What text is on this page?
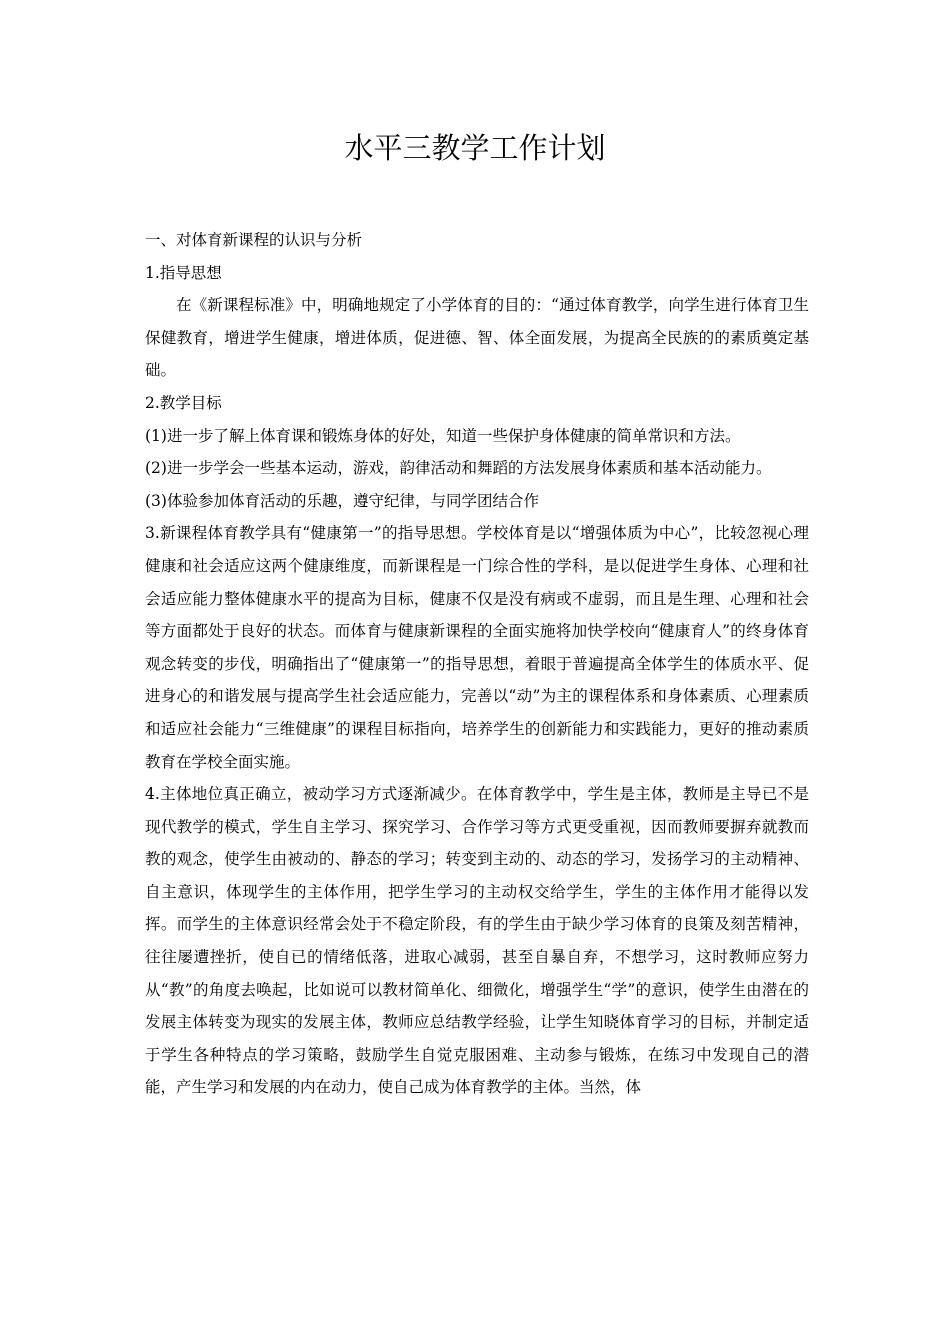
水平三教学工作计划

一、对体育新课程的认识与分析

1.指导思想

在《新课程标准》中，明确地规定了小学体育的目的：“通过体育教学，向学生进行体育卫生保健教育，增进学生健康，增进体质，促进德、智、体全面发展，为提高全民族的的素质奠定基础。

2.教学目标

(1)进一步了解上体育课和锻炼身体的好处，知道一些保护身体健康的简单常识和方法。

(2)进一步学会一些基本运动，游戏，韵律活动和舞蹈的方法发展身体素质和基本活动能力。

(3)体验参加体育活动的乐趣，遵守纪律，与同学团结合作

3.新课程体育教学具有“健康第一”的指导思想。学校体育是以“增强体质为中心”，比较忽视心理健康和社会适应这两个健康维度，而新课程是一门综合性的学科，是以促进学生身体、心理和社会适应能力整体健康水平的提高为目标，健康不仅是没有病或不虚弱，而且是生理、心理和社会等方面都处于良好的状态。而体育与健康新课程的全面实施将加快学校向“健康育人”的终身体育观念转变的步伐，明确指出了“健康第一”的指导思想，着眼于普遍提高全体学生的体质水平、促进身心的和谐发展与提高学生社会适应能力，完善以“动”为主的课程体系和身体素质、心理素质和适应社会能力“三维健康”的课程目标指向，培养学生的创新能力和实践能力，更好的推动素质教育在学校全面实施。

4.主体地位真正确立，被动学习方式逐渐减少。在体育教学中，学生是主体，教师是主导已不是现代教学的模式，学生自主学习、探究学习、合作学习等方式更受重视，因而教师要摒弃就教而教的观念，使学生由被动的、静态的学习；转变到主动的、动态的学习，发扬学习的主动精神、自主意识，体现学生的主体作用，把学生学习的主动权交给学生，学生的主体作用才能得以发挥。而学生的主体意识经常会处于不稳定阶段，有的学生由于缺少学习体育的良策及刻苦精神，往往屡遭挫折，使自已的情绪低落，进取心减弱，甚至自暴自弃，不想学习，这时教师应努力从“教”的角度去唤起，比如说可以教材简单化、细微化，增强学生“学”的意识，使学生由潜在的发展主体转变为现实的发展主体，教师应总结教学经验，让学生知晓体育学习的目标，并制定适于学生各种特点的学习策略，鼓励学生自觉克服困难、主动参与锻炼，在练习中发现自己的潜能，产生学习和发展的内在动力，使自己成为体育教学的主体。当然，体
